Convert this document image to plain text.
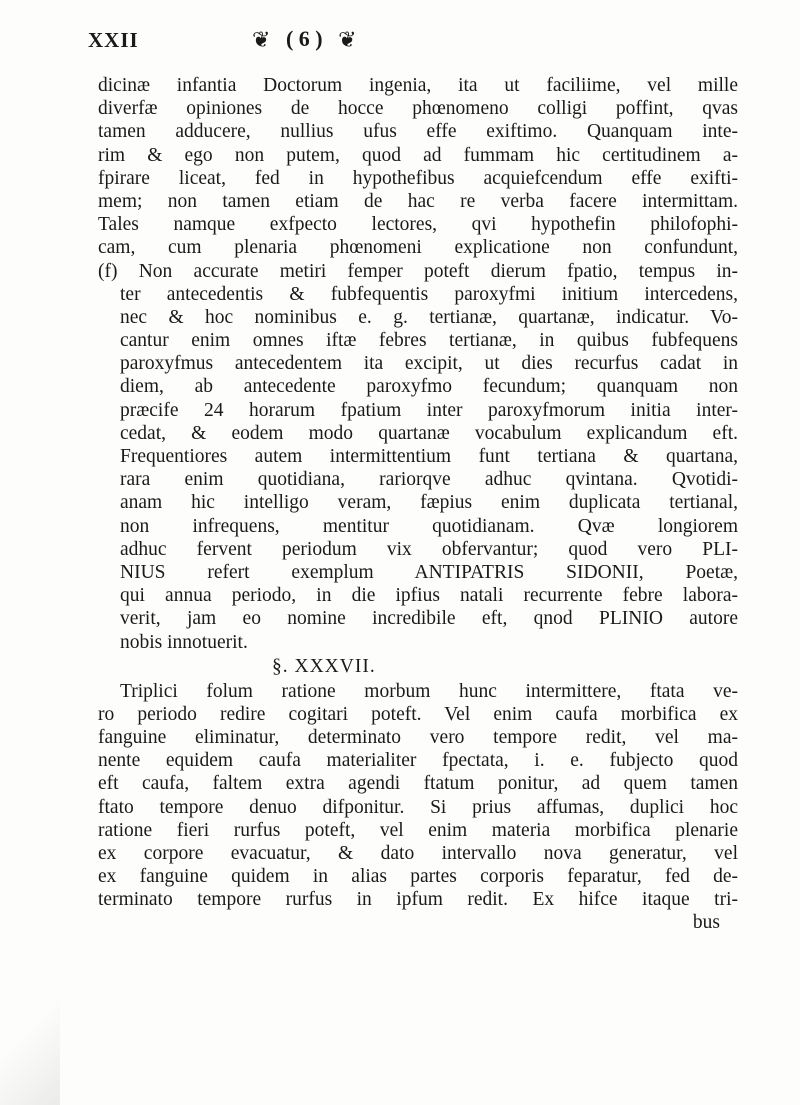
XXII	❦ ( 6 ) ❦
dicinæ infantia Doctorum ingenia, ita ut faciliime, vel mille
diverfæ opiniones de hocce phœnomeno colligi poffint, qvas
tamen adducere, nullius ufus effe exiftimo. Quanquam inte-
rim & ego non putem, quod ad fummam hic certitudinem a-
fpirare liceat, fed in hypothefibus acquiefcendum effe exifti-
mem; non tamen etiam de hac re verba facere intermittam.
Tales namque exfpecto lectores, qvi hypothefin philofophi-
cam, cum plenaria phœnomeni explicatione non confundunt,
(f) Non accurate metiri femper poteft dierum fpatio, tempus in-
ter antecedentis & fubfequentis paroxyfmi initium intercedens,
nec & hoc nominibus e. g. tertianæ, quartanæ, indicatur. Vo-
cantur enim omnes iftæ febres tertianæ, in quibus fubfequens
paroxyfmus antecedentem ita excipit, ut dies recurfus cadat in
diem, ab antecedente paroxyfmo fecundum; quanquam non
præcife 24 horarum fpatium inter paroxyfmorum initia inter-
cedat, & eodem modo quartanæ vocabulum explicandum eft.
Frequentiores autem intermittentium funt tertiana & quartana,
rara enim quotidiana, rariorqve adhuc qvintana. Qvotidi-
anam hic intelligo veram, fæpius enim duplicata tertianal,
non infrequens, mentitur quotidianam. Qvæ longiorem
adhuc fervent periodum vix obfervantur; quod vero PLI-
NIUS refert exemplum ANTIPATRIS SIDONII, Poetæ,
qui annua periodo, in die ipfius natali recurrente febre labora-
verit, jam eo nomine incredibile eft, qnod PLINIO autore
nobis innotuerit.
§. XXXVII.
Triplici folum ratione morbum hunc intermittere, ftata ve-
ro periodo redire cogitari poteft. Vel enim caufa morbifica ex
fanguine eliminatur, determinato vero tempore redit, vel ma-
nente equidem caufa materialiter fpectata, i. e. fubjecto quod
eft caufa, faltem extra agendi ftatum ponitur, ad quem tamen
ftato tempore denuo difponitur. Si prius affumas, duplici hoc
ratione fieri rurfus poteft, vel enim materia morbifica plenarie
ex corpore evacuatur, & dato intervallo nova generatur, vel
ex fanguine quidem in alias partes corporis feparatur, fed de-
terminato tempore rurfus in ipfum redit. Ex hifce itaque tri-
bus
